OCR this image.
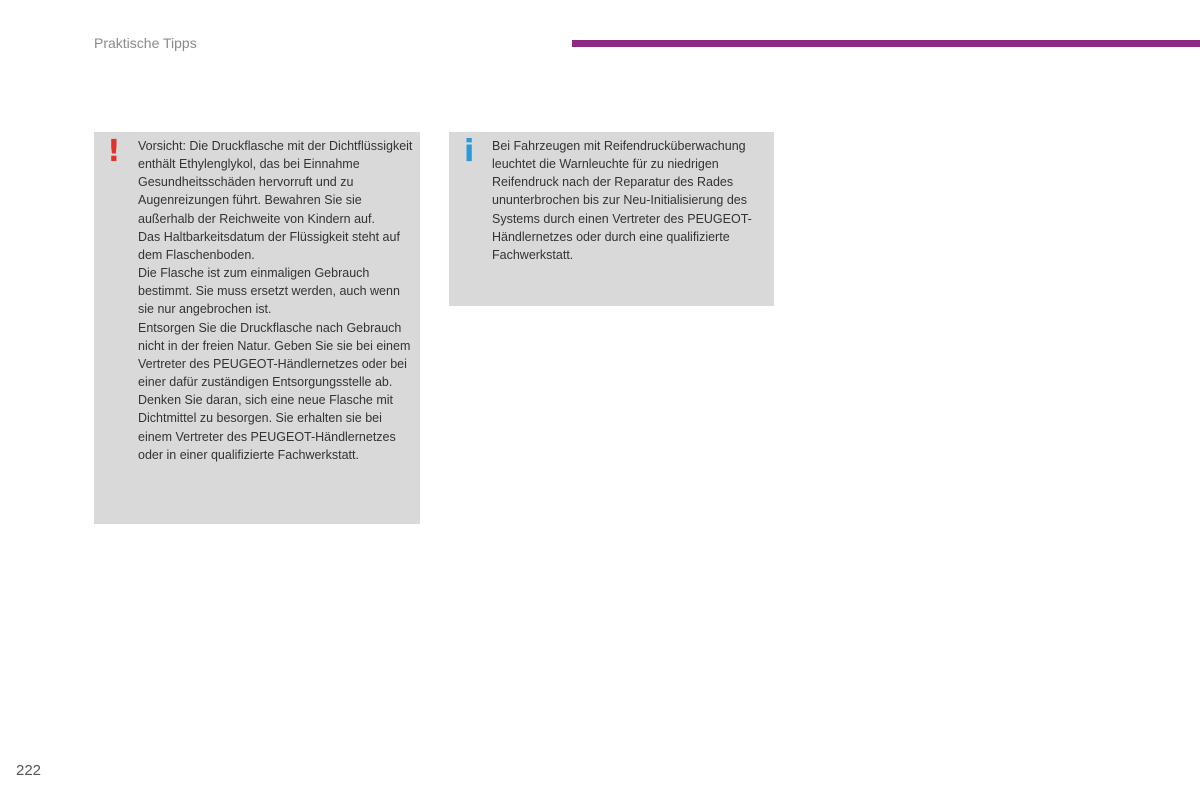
Praktische Tipps
! Vorsicht: Die Druckflasche mit der Dichtflüssigkeit enthält Ethylenglykol, das bei Einnahme Gesundheitsschäden hervorruft und zu Augenreizungen führt. Bewahren Sie sie außerhalb der Reichweite von Kindern auf.

Das Haltbarkeitsdatum der Flüssigkeit steht auf dem Flaschenboden.

Die Flasche ist zum einmaligen Gebrauch bestimmt. Sie muss ersetzt werden, auch wenn sie nur angebrochen ist.

Entsorgen Sie die Druckflasche nach Gebrauch nicht in der freien Natur. Geben Sie sie bei einem Vertreter des PEUGEOT-Händlernetzes oder bei einer dafür zuständigen Entsorgungsstelle ab.

Denken Sie daran, sich eine neue Flasche mit Dichtmittel zu besorgen. Sie erhalten sie bei einem Vertreter des PEUGEOT-Händlernetzes oder in einer qualifizierte Fachwerkstatt.

i Bei Fahrzeugen mit Reifendrucküberwachung leuchtet die Warnleuchte für zu niedrigen Reifendruck nach der Reparatur des Rades ununterbrochen bis zur Neu-Initialisierung des Systems durch einen Vertreter des PEUGEOT-Händlernetzes oder durch eine qualifizierte Fachwerkstatt.

222
